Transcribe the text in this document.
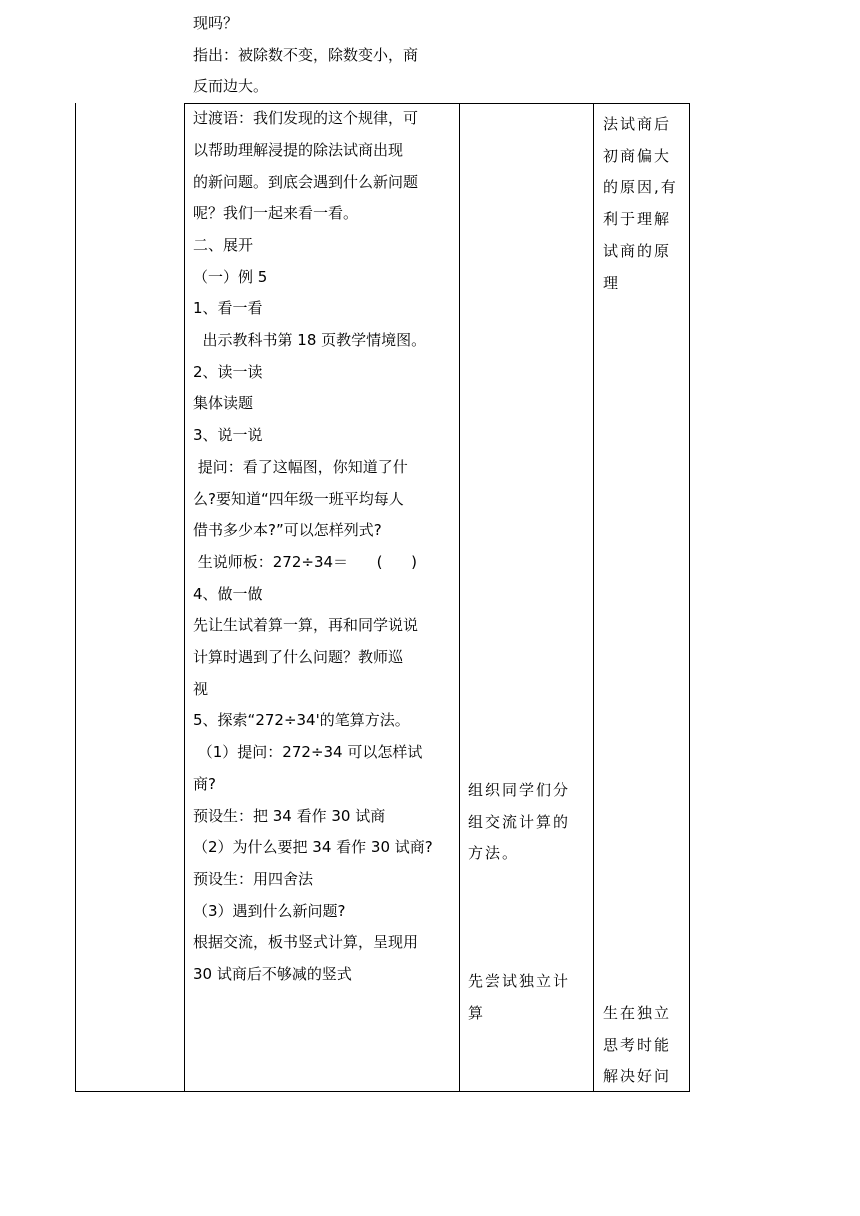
现吗？

指出：被除数不变，除数变小，商

反而边大。

过渡语：我们发现的这个规律，可

以帮助理解浸提的除法试商出现

的新问题。到底会遇到什么新问题

呢？我们一起来看一看。

二、展开

（一）例 5

1、看一看

出示教科书第 18 页教学情境图。

2、读一读

集体读题

3、说一说

提问：看了这幅图，你知道了什

么?要知道“四年级一班平均每人

借书多少本?”可以怎样列式?

生说师板：272÷34＝      (      )

4、做一做

先让生试着算一算，再和同学说说

计算时遇到了什么问题？教师巡

视

5、探索“272÷34'的笔算方法。

（1）提问：272÷34 可以怎样试

商?

预设生：把 34 看作 30 试商

（2）为什么要把 34 看作 30 试商?

预设生：用四舍法

（3）遇到什么新问题?

根据交流，板书竖式计算，呈现用

30 试商后不够减的竖式

组织同学们分

组交流计算的

方法。

先尝试独立计

算

法试商后

初商偏大

的原因,有

利于理解

试商的原

理

生在独立

思考时能

解决好问
